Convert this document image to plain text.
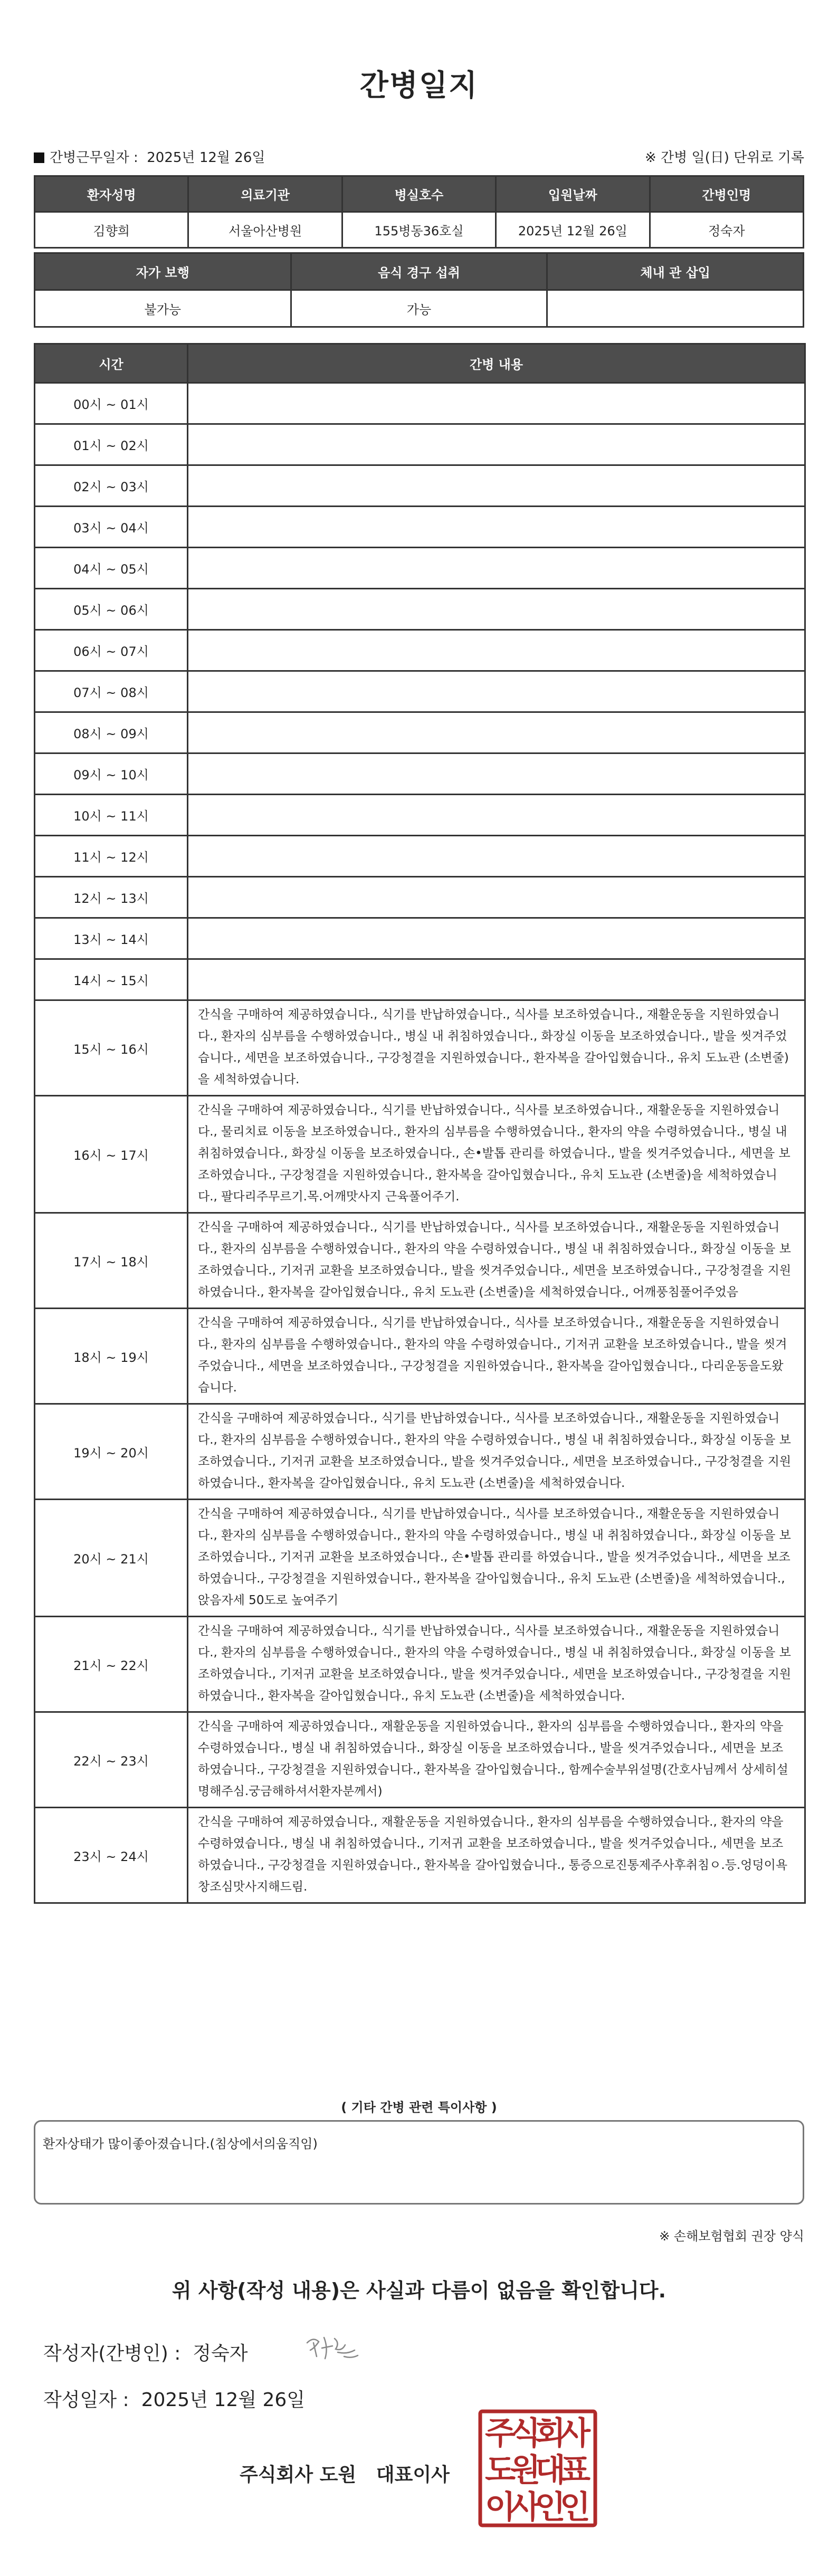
간병일지
간병근무일자 : 2025년 12월 26일	※ 간병 일(日) 단위로 기록
환자성명	의료기관	병실호수	입원날짜	간병인명
김향희	서울아산병원	155병동36호실	2025년 12월 26일	정숙자
자가 보행	음식 경구 섭취	체내 관 삽입
불가능	가능	
시간	간병 내용
00시 ~ 01시	
01시 ~ 02시	
02시 ~ 03시	
03시 ~ 04시	
04시 ~ 05시	
05시 ~ 06시	
06시 ~ 07시	
07시 ~ 08시	
08시 ~ 09시	
09시 ~ 10시	
10시 ~ 11시	
11시 ~ 12시	
12시 ~ 13시	
13시 ~ 14시	
14시 ~ 15시	
15시 ~ 16시	간식을 구매하여 제공하였습니다., 식기를 반납하였습니다., 식사를 보조하였습니다., 재활운동을 지원하였습니다., 환자의 심부름을 수행하였습니다., 병실 내 취침하였습니다., 화장실 이동을 보조하였습니다., 발을 씻겨주었습니다., 세면을 보조하였습니다., 구강청결을 지원하였습니다., 환자복을 갈아입혔습니다., 유치 도뇨관 (소변줄)을 세척하였습니다.
16시 ~ 17시	간식을 구매하여 제공하였습니다., 식기를 반납하였습니다., 식사를 보조하였습니다., 재활운동을 지원하였습니다., 물리치료 이동을 보조하였습니다., 환자의 심부름을 수행하였습니다., 환자의 약을 수령하였습니다., 병실 내 취침하였습니다., 화장실 이동을 보조하였습니다., 손•발톱 관리를 하였습니다., 발을 씻겨주었습니다., 세면을 보조하였습니다., 구강청결을 지원하였습니다., 환자복을 갈아입혔습니다., 유치 도뇨관 (소변줄)을 세척하였습니다., 팔다리주무르기.목.어깨맛사지 근육풀어주기.
17시 ~ 18시	간식을 구매하여 제공하였습니다., 식기를 반납하였습니다., 식사를 보조하였습니다., 재활운동을 지원하였습니다., 환자의 심부름을 수행하였습니다., 환자의 약을 수령하였습니다., 병실 내 취침하였습니다., 화장실 이동을 보조하였습니다., 기저귀 교환을 보조하였습니다., 발을 씻겨주었습니다., 세면을 보조하였습니다., 구강청결을 지원하였습니다., 환자복을 갈아입혔습니다., 유치 도뇨관 (소변줄)을 세척하였습니다., 어깨풍침풀어주었음
18시 ~ 19시	간식을 구매하여 제공하였습니다., 식기를 반납하였습니다., 식사를 보조하였습니다., 재활운동을 지원하였습니다., 환자의 심부름을 수행하였습니다., 환자의 약을 수령하였습니다., 기저귀 교환을 보조하였습니다., 발을 씻겨주었습니다., 세면을 보조하였습니다., 구강청결을 지원하였습니다., 환자복을 갈아입혔습니다., 다리운동을도왔습니다.
19시 ~ 20시	간식을 구매하여 제공하였습니다., 식기를 반납하였습니다., 식사를 보조하였습니다., 재활운동을 지원하였습니다., 환자의 심부름을 수행하였습니다., 환자의 약을 수령하였습니다., 병실 내 취침하였습니다., 화장실 이동을 보조하였습니다., 기저귀 교환을 보조하였습니다., 발을 씻겨주었습니다., 세면을 보조하였습니다., 구강청결을 지원하였습니다., 환자복을 갈아입혔습니다., 유치 도뇨관 (소변줄)을 세척하였습니다.
20시 ~ 21시	간식을 구매하여 제공하였습니다., 식기를 반납하였습니다., 식사를 보조하였습니다., 재활운동을 지원하였습니다., 환자의 심부름을 수행하였습니다., 환자의 약을 수령하였습니다., 병실 내 취침하였습니다., 화장실 이동을 보조하였습니다., 기저귀 교환을 보조하였습니다., 손•발톱 관리를 하였습니다., 발을 씻겨주었습니다., 세면을 보조하였습니다., 구강청결을 지원하였습니다., 환자복을 갈아입혔습니다., 유치 도뇨관 (소변줄)을 세척하였습니다., 앉음자세 50도로 높여주기
21시 ~ 22시	간식을 구매하여 제공하였습니다., 식기를 반납하였습니다., 식사를 보조하였습니다., 재활운동을 지원하였습니다., 환자의 심부름을 수행하였습니다., 환자의 약을 수령하였습니다., 병실 내 취침하였습니다., 화장실 이동을 보조하였습니다., 기저귀 교환을 보조하였습니다., 발을 씻겨주었습니다., 세면을 보조하였습니다., 구강청결을 지원하였습니다., 환자복을 갈아입혔습니다., 유치 도뇨관 (소변줄)을 세척하였습니다.
22시 ~ 23시	간식을 구매하여 제공하였습니다., 재활운동을 지원하였습니다., 환자의 심부름을 수행하였습니다., 환자의 약을 수령하였습니다., 병실 내 취침하였습니다., 화장실 이동을 보조하였습니다., 발을 씻겨주었습니다., 세면을 보조하였습니다., 구강청결을 지원하였습니다., 환자복을 갈아입혔습니다., 함께수술부위설명(간호사님께서 상세히설명해주심.궁금해하셔서환자분께서)
23시 ~ 24시	간식을 구매하여 제공하였습니다., 재활운동을 지원하였습니다., 환자의 심부름을 수행하였습니다., 환자의 약을 수령하였습니다., 병실 내 취침하였습니다., 기저귀 교환을 보조하였습니다., 발을 씻겨주었습니다., 세면을 보조하였습니다., 구강청결을 지원하였습니다., 환자복을 갈아입혔습니다., 통증으로진통제주사후취침ㅇ.등.엉덩이욕창조심맛사지해드림.
( 기타 간병 관련 특이사항 )
환자상태가 많이좋아졌습니다.(침상에서의움직임)
※ 손해보험협회 권장 양식
위 사항(작성 내용)은 사실과 다름이 없음을 확인합니다.
작성자(간병인) : 정숙자
작성일자 : 2025년 12월 26일
주식회사 도원   대표이사
주식회사
도원대표
이사인인
